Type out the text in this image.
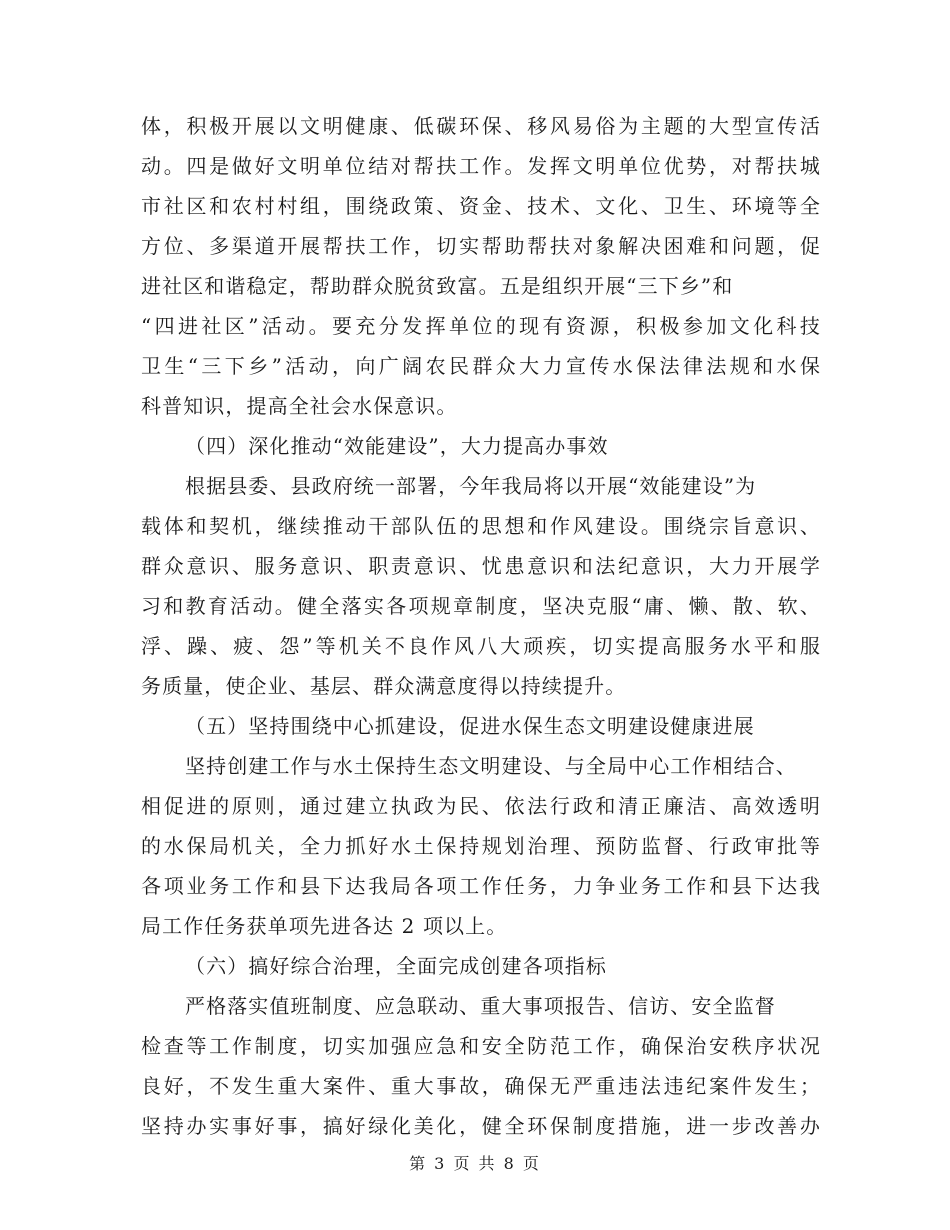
体，积极开展以文明健康、低碳环保、移风易俗为主题的大型宣传活
动。四是做好文明单位结对帮扶工作。发挥文明单位优势，对帮扶城
市社区和农村村组，围绕政策、资金、技术、文化、卫生、环境等全
方位、多渠道开展帮扶工作，切实帮助帮扶对象解决困难和问题，促
进社区和谐稳定，帮助群众脱贫致富。五是组织开展“三下乡”和
“四进社区”活动。要充分发挥单位的现有资源，积极参加文化科技
卫生“三下乡”活动，向广阔农民群众大力宣传水保法律法规和水保
科普知识，提高全社会水保意识。
（四）深化推动“效能建设”，大力提高办事效
根据县委、县政府统一部署，今年我局将以开展“效能建设”为
载体和契机，继续推动干部队伍的思想和作风建设。围绕宗旨意识、
群众意识、服务意识、职责意识、忧患意识和法纪意识，大力开展学
习和教育活动。健全落实各项规章制度，坚决克服“庸、懒、散、软、
浮、躁、疲、怨”等机关不良作风八大顽疾，切实提高服务水平和服
务质量，使企业、基层、群众满意度得以持续提升。
（五）坚持围绕中心抓建设，促进水保生态文明建设健康进展
坚持创建工作与水土保持生态文明建设、与全局中心工作相结合、
相促进的原则，通过建立执政为民、依法行政和清正廉洁、高效透明
的水保局机关，全力抓好水土保持规划治理、预防监督、行政审批等
各项业务工作和县下达我局各项工作任务，力争业务工作和县下达我
局工作任务获单项先进各达 2 项以上。
（六）搞好综合治理，全面完成创建各项指标
严格落实值班制度、应急联动、重大事项报告、信访、安全监督
检查等工作制度，切实加强应急和安全防范工作，确保治安秩序状况
良好，不发生重大案件、重大事故，确保无严重违法违纪案件发生；
坚持办实事好事，搞好绿化美化，健全环保制度措施，进一步改善办
第 3 页 共 8 页
